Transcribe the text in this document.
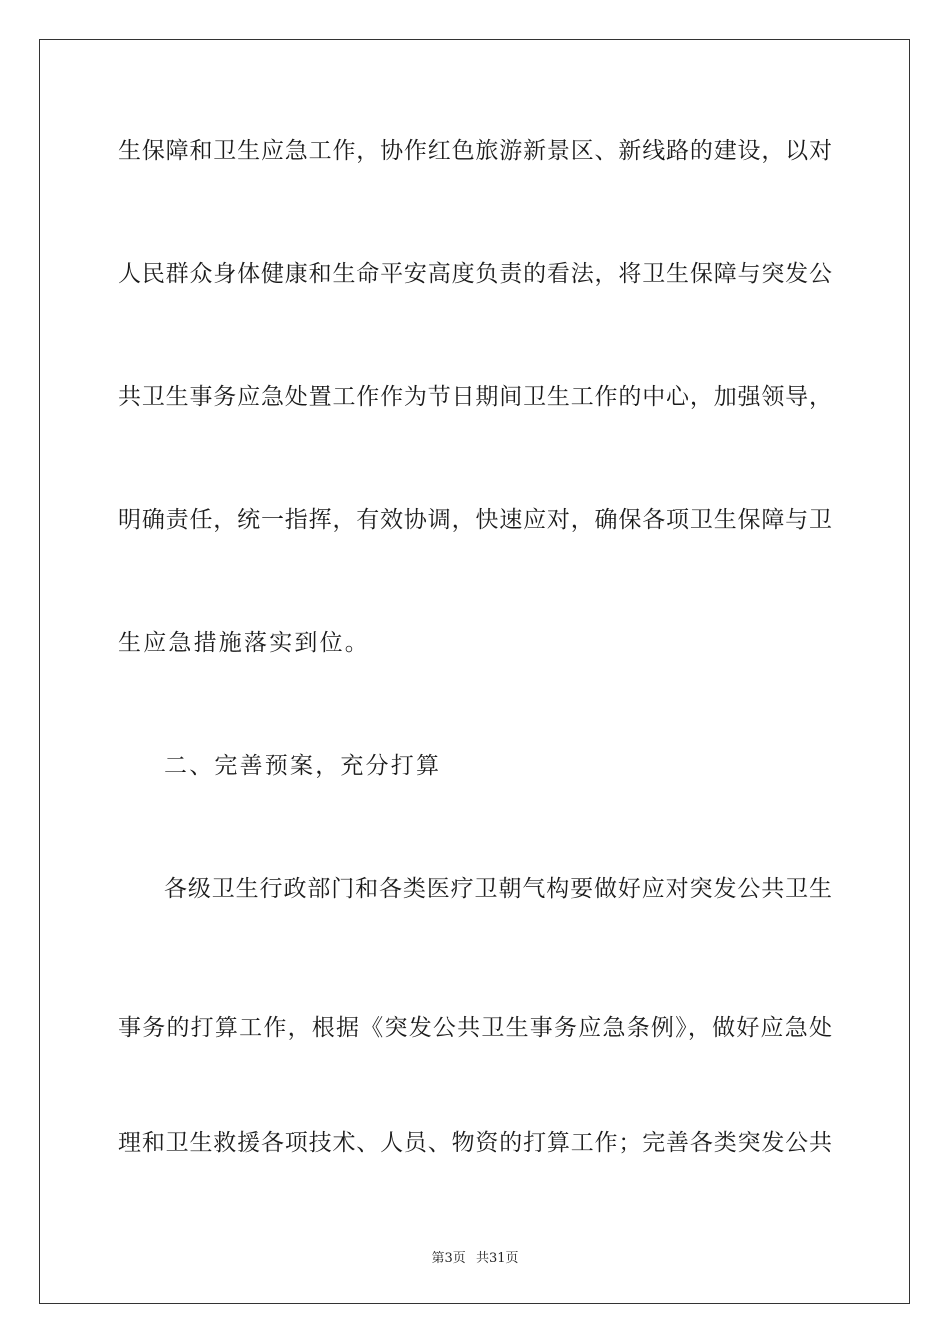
生保障和卫生应急工作，协作红色旅游新景区、新线路的建设，以对
人民群众身体健康和生命平安高度负责的看法，将卫生保障与突发公
共卫生事务应急处置工作作为节日期间卫生工作的中心，加强领导，
明确责任，统一指挥，有效协调，快速应对，确保各项卫生保障与卫
生应急措施落实到位。
二、完善预案，充分打算
各级卫生行政部门和各类医疗卫朝气构要做好应对突发公共卫生
事务的打算工作，根据《突发公共卫生事务应急条例》，做好应急处
理和卫生救援各项技术、人员、物资的打算工作；完善各类突发公共
第3页 共31页
